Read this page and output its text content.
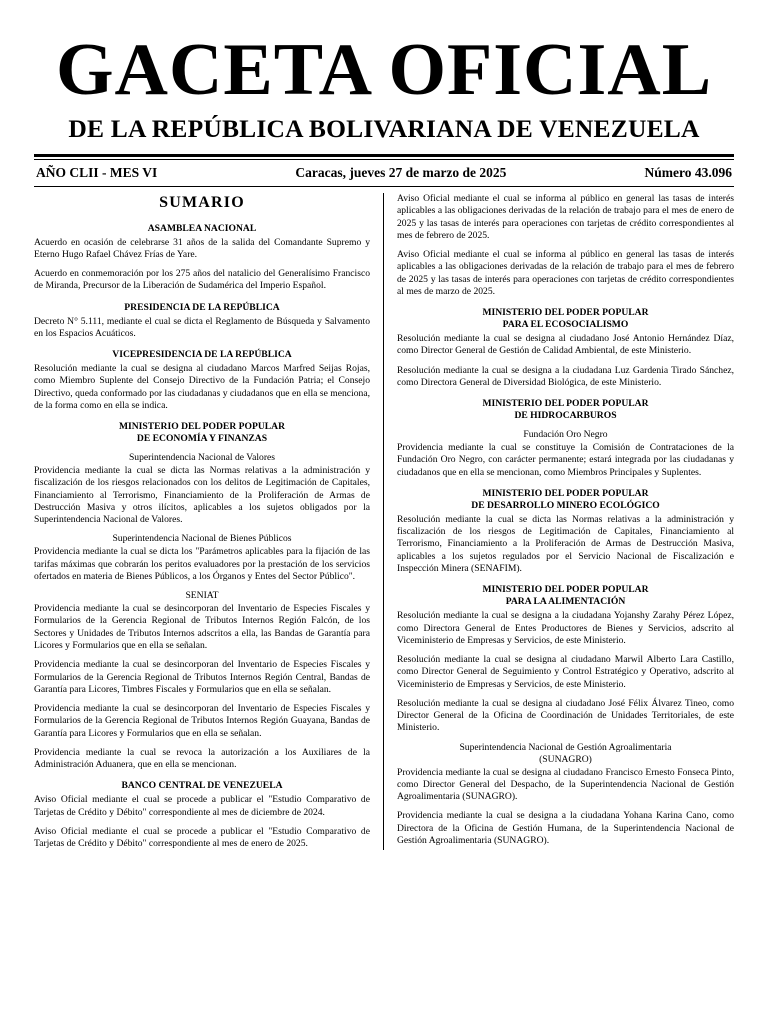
GACETA OFICIAL
DE LA REPÚBLICA BOLIVARIANA DE VENEZUELA
AÑO CLII - MES VI	Caracas, jueves 27 de marzo de 2025	Número 43.096
SUMARIO
ASAMBLEA NACIONAL

Acuerdo en ocasión de celebrarse 31 años de la salida del Comandante Supremo y Eterno Hugo Rafael Chávez Frías de Yare.

Acuerdo en conmemoración por los 275 años del natalicio del Generalísimo Francisco de Miranda, Precursor de la Liberación de Sudamérica del Imperio Español.

PRESIDENCIA DE LA REPÚBLICA

Decreto N° 5.111, mediante el cual se dicta el Reglamento de Búsqueda y Salvamento en los Espacios Acuáticos.

VICEPRESIDENCIA DE LA REPÚBLICA

Resolución mediante la cual se designa al ciudadano Marcos Marfred Seijas Rojas, como Miembro Suplente del Consejo Directivo de la Fundación Patria; el Consejo Directivo, queda conformado por las ciudadanas y ciudadanos que en ella se menciona, de la forma como en ella se indica.

MINISTERIO DEL PODER POPULAR
DE ECONOMÍA Y FINANZAS
Superintendencia Nacional de Valores

Providencia mediante la cual se dicta las Normas relativas a la administración y fiscalización de los riesgos relacionados con los delitos de Legitimación de Capitales, Financiamiento al Terrorismo, Financiamiento de la Proliferación de Armas de Destrucción Masiva y otros ilícitos, aplicables a los sujetos obligados por la Superintendencia Nacional de Valores.

Superintendencia Nacional de Bienes Públicos

Providencia mediante la cual se dicta los "Parámetros aplicables para la fijación de las tarifas máximas que cobrarán los peritos evaluadores por la prestación de los servicios ofertados en materia de Bienes Públicos, a los Órganos y Entes del Sector Público".

SENIAT

Providencia mediante la cual se desincorporan del Inventario de Especies Fiscales y Formularios de la Gerencia Regional de Tributos Internos Región Falcón, de los Sectores y Unidades de Tributos Internos adscritos a ella, las Bandas de Garantía para Licores y Formularios que en ella se señalan.

Providencia mediante la cual se desincorporan del Inventario de Especies Fiscales y Formularios de la Gerencia Regional de Tributos Internos Región Central, Bandas de Garantía para Licores, Timbres Fiscales y Formularios que en ella se señalan.

Providencia mediante la cual se desincorporan del Inventario de Especies Fiscales y Formularios de la Gerencia Regional de Tributos Internos Región Guayana, Bandas de Garantía para Licores y Formularios que en ella se señalan.

Providencia mediante la cual se revoca la autorización a los Auxiliares de la Administración Aduanera, que en ella se mencionan.

BANCO CENTRAL DE VENEZUELA

Aviso Oficial mediante el cual se procede a publicar el "Estudio Comparativo de Tarjetas de Crédito y Débito" correspondiente al mes de diciembre de 2024.

Aviso Oficial mediante el cual se procede a publicar el "Estudio Comparativo de Tarjetas de Crédito y Débito" correspondiente al mes de enero de 2025.

Aviso Oficial mediante el cual se informa al público en general las tasas de interés aplicables a las obligaciones derivadas de la relación de trabajo para el mes de enero de 2025 y las tasas de interés para operaciones con tarjetas de crédito correspondientes al mes de febrero de 2025.

Aviso Oficial mediante el cual se informa al público en general las tasas de interés aplicables a las obligaciones derivadas de la relación de trabajo para el mes de febrero de 2025 y las tasas de interés para operaciones con tarjetas de crédito correspondientes al mes de marzo de 2025.

MINISTERIO DEL PODER POPULAR
PARA EL ECOSOCIALISMO

Resolución mediante la cual se designa al ciudadano José Antonio Hernández Díaz, como Director General de Gestión de Calidad Ambiental, de este Ministerio.

Resolución mediante la cual se designa a la ciudadana Luz Gardenia Tirado Sánchez, como Directora General de Diversidad Biológica, de este Ministerio.

MINISTERIO DEL PODER POPULAR
DE HIDROCARBUROS
Fundación Oro Negro

Providencia mediante la cual se constituye la Comisión de Contrataciones de la Fundación Oro Negro, con carácter permanente; estará integrada por las ciudadanas y ciudadanos que en ella se mencionan, como Miembros Principales y Suplentes.

MINISTERIO DEL PODER POPULAR
DE DESARROLLO MINERO ECOLÓGICO

Resolución mediante la cual se dicta las Normas relativas a la administración y fiscalización de los riesgos de Legitimación de Capitales, Financiamiento al Terrorismo, Financiamiento a la Proliferación de Armas de Destrucción Masiva, aplicables a los sujetos regulados por el Servicio Nacional de Fiscalización e Inspección Minera (SENAFIM).

MINISTERIO DEL PODER POPULAR
PARA LA ALIMENTACIÓN

Resolución mediante la cual se designa a la ciudadana Yojanshy Zarahy Pérez López, como Directora General de Entes Productores de Bienes y Servicios, adscrito al Viceministerio de Empresas y Servicios, de este Ministerio.

Resolución mediante la cual se designa al ciudadano Marwil Alberto Lara Castillo, como Director General de Seguimiento y Control Estratégico y Operativo, adscrito al Viceministerio de Empresas y Servicios, de este Ministerio.

Resolución mediante la cual se designa al ciudadano José Félix Álvarez Tineo, como Director General de la Oficina de Coordinación de Unidades Territoriales, de este Ministerio.

Superintendencia Nacional de Gestión Agroalimentaria
(SUNAGRO)

Providencia mediante la cual se designa al ciudadano Francisco Ernesto Fonseca Pinto, como Director General del Despacho, de la Superintendencia Nacional de Gestión Agroalimentaria (SUNAGRO).

Providencia mediante la cual se designa a la ciudadana Yohana Karina Cano, como Directora de la Oficina de Gestión Humana, de la Superintendencia Nacional de Gestión Agroalimentaria (SUNAGRO).
